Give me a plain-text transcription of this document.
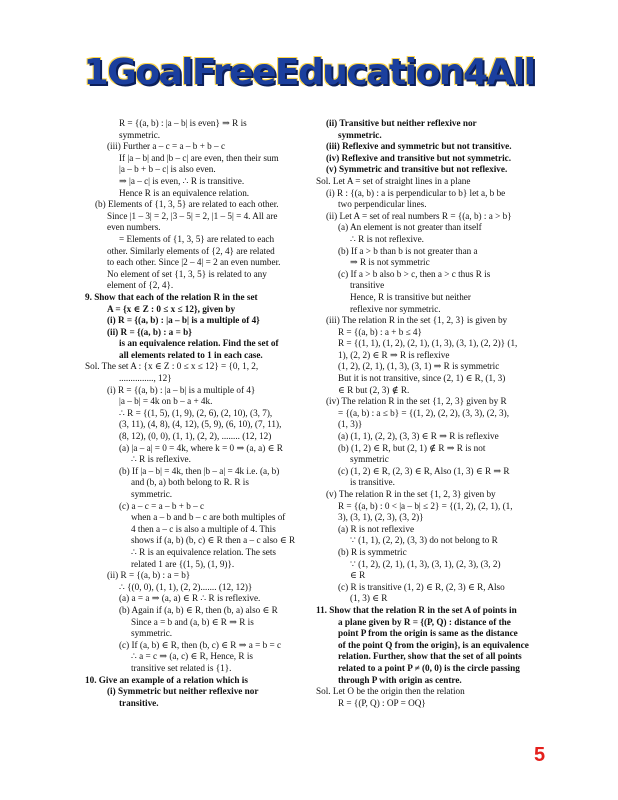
1GoalFreeEducation4All
R = {(a, b) : |a – b| is even} ⇒ R is
symmetric.
(iii) Further a – c = a – b + b – c
If |a – b| and |b – c| are even, then their sum
|a – b + b – c| is also even.
⇒ |a – c| is even, ∴ R is transitive.
Hence R is an equivalence relation.
(b) Elements of {1, 3, 5} are related to each other.
Since |1 – 3| = 2, |3 – 5| = 2, |1 – 5| = 4. All are
even numbers.
= Elements of {1, 3, 5} are related to each
other. Similarly elements of {2, 4} are related
to each other. Since |2 – 4| = 2 an even number.
No element of set {1, 3, 5} is related to any
element of {2, 4}.
9. Show that each of the relation R in the set
A = {x ∈ Z : 0 ≤ x ≤ 12}, given by
(i) R = {(a, b) : |a – b| is a multiple of 4}
(ii) R = {(a, b) : a = b}
is an equivalence relation. Find the set of
all elements related to 1 in each case.
Sol. The set A : {x ∈ Z : 0 ≤ x ≤ 12} = {0, 1, 2,
..............., 12}
(i) R = {(a, b) : |a – b| is a multiple of 4}
|a – b| = 4k on b – a + 4k.
∴ R = {(1, 5), (1, 9), (2, 6), (2, 10), (3, 7),
(3, 11), (4, 8), (4, 12), (5, 9), (6, 10), (7, 11),
(8, 12), (0, 0), (1, 1), (2, 2), ........ (12, 12)
(a) |a – a| = 0 = 4k, where k = 0 ⇒ (a, a) ∈ R
∴ R is reflexive.
(b) If |a – b| = 4k, then |b – a| = 4k i.e. (a, b)
and (b, a) both belong to R. R is
symmetric.
(c) a – c = a – b + b – c
when a – b and b – c are both multiples of
4 then a – c is also a multiple of 4. This
shows if (a, b) (b, c) ∈ R then a – c also ∈ R
∴ R is an equivalence relation. The sets
related 1 are {(1, 5), (1, 9)}.
(ii) R = {(a, b) : a = b}
∴ {(0, 0), (1, 1), (2, 2)....... (12, 12)}
(a) a = a ⇒ (a, a) ∈ R ∴ R is reflexive.
(b) Again if (a, b) ∈ R, then (b, a) also ∈ R
Since a = b and (a, b) ∈ R ⇒ R is
symmetric.
(c) If (a, b) ∈ R, then (b, c) ∈ R ⇒ a = b = c
∴ a = c ⇒ (a, c) ∈ R, Hence, R is
transitive set related is {1}.
10. Give an example of a relation which is
(i) Symmetric but neither reflexive nor
transitive.
(ii) Transitive but neither reflexive nor
symmetric.
(iii) Reflexive and symmetric but not transitive.
(iv) Reflexive and transitive but not symmetric.
(v) Symmetric and transitive but not reflexive.
Sol. Let A = set of straight lines in a plane
(i) R : {(a, b) : a is perpendicular to b} let a, b be
two perpendicular lines.
(ii) Let A = set of real numbers R = {(a, b) : a > b}
(a) An element is not greater than itself
∴ R is not reflexive.
(b) If a > b than b is not greater than a
⇒ R is not symmetric
(c) If a > b also b > c, then a > c thus R is
transitive
Hence, R is transitive but neither
reflexive nor symmetric.
(iii) The relation R in the set {1, 2, 3} is given by
R = {(a, b) : a + b ≤ 4}
R = {(1, 1), (1, 2), (2, 1), (1, 3), (3, 1), (2, 2)} (1,
1), (2, 2) ∈ R ⇒ R is reflexive
(1, 2), (2, 1), (1, 3), (3, 1) ⇒ R is symmetric
But it is not transitive, since (2, 1) ∈ R, (1, 3)
∈ R but (2, 3) ∉ R.
(iv) The relation R in the set {1, 2, 3} given by R
= {(a, b) : a ≤ b} = {(1, 2), (2, 2), (3, 3), (2, 3),
(1, 3)}
(a) (1, 1), (2, 2), (3, 3) ∈ R ⇒ R is reflexive
(b) (1, 2) ∈ R, but (2, 1) ∉ R ⇒ R is not
symmetric
(c) (1, 2) ∈ R, (2, 3) ∈ R, Also (1, 3) ∈ R ⇒ R
is transitive.
(v) The relation R in the set {1, 2, 3} given by
R = {(a, b) : 0 < |a – b| ≤ 2} = {(1, 2), (2, 1), (1,
3), (3, 1), (2, 3), (3, 2)}
(a) R is not reflexive
∵ (1, 1), (2, 2), (3, 3) do not belong to R
(b) R is symmetric
∵ (1, 2), (2, 1), (1, 3), (3, 1), (2, 3), (3, 2)
∈ R
(c) R is transitive (1, 2) ∈ R, (2, 3) ∈ R, Also
(1, 3) ∈ R
11. Show that the relation R in the set A of points in
a plane given by R = {(P, Q) : distance of the
point P from the origin is same as the distance
of the point Q from the origin}, is an equivalence
relation. Further, show that the set of all points
related to a point P ≠ (0, 0) is the circle passing
through P with origin as centre.
Sol. Let O be the origin then the relation
R = {(P, Q) : OP = OQ}
5
